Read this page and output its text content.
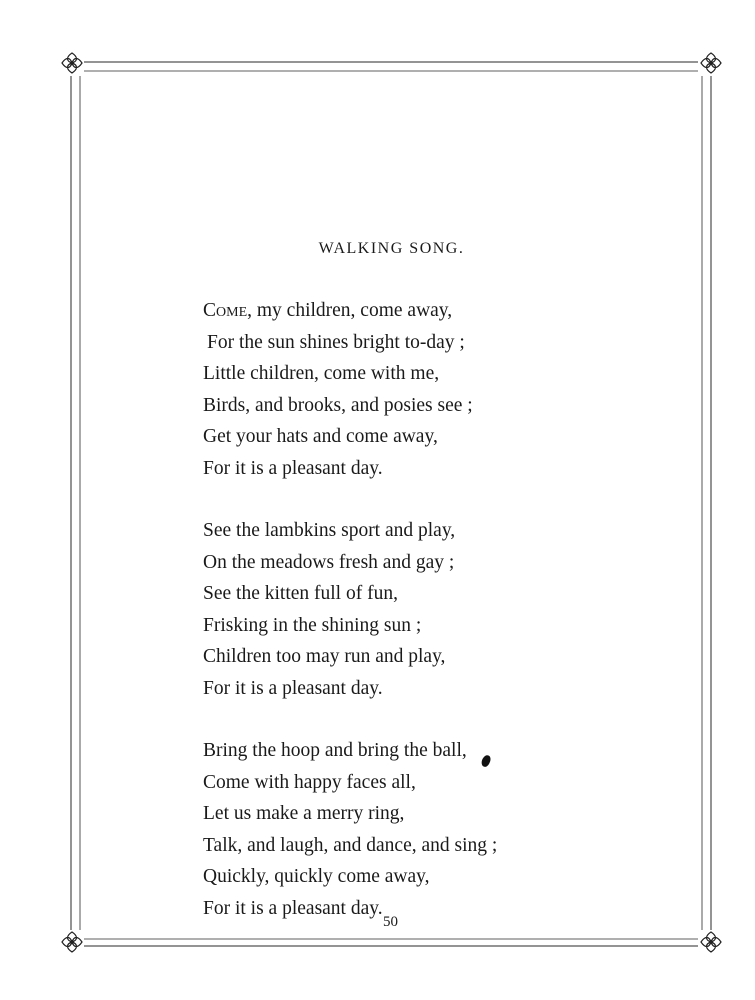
WALKING SONG.
Come, my children, come away,
For the sun shines bright to-day ;
Little children, come with me,
Birds, and brooks, and posies see ;
Get your hats and come away,
For it is a pleasant day.
See the lambkins sport and play,
On the meadows fresh and gay ;
See the kitten full of fun,
Frisking in the shining sun ;
Children too may run and play,
For it is a pleasant day.
Bring the hoop and bring the ball,
Come with happy faces all,
Let us make a merry ring,
Talk, and laugh, and dance, and sing ;
Quickly, quickly come away,
For it is a pleasant day.
50
